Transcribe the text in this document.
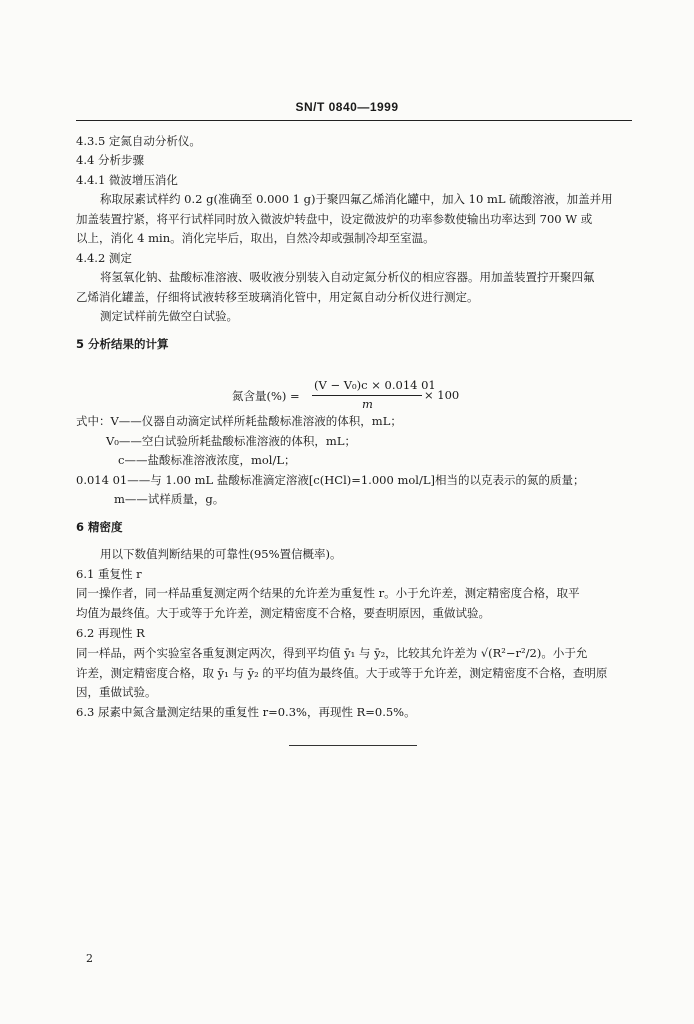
SN/T 0840—1999
4.3.5 定氮自动分析仪。
4.4 分析步骤
4.4.1 微波增压消化
称取尿素试样约 0.2 g(准确至 0.000 1 g)于聚四氟乙烯消化罐中，加入 10 mL 硫酸溶液，加盖并用
加盖装置拧紧，将平行试样同时放入微波炉转盘中，设定微波炉的功率参数使输出功率达到 700 W 或
以上，消化 4 min。消化完毕后，取出，自然冷却或强制冷却至室温。
4.4.2 测定
将氢氧化钠、盐酸标准溶液、吸收液分别装入自动定氮分析仪的相应容器。用加盖装置拧开聚四氟
乙烯消化罐盖，仔细将试液转移至玻璃消化管中，用定氮自动分析仪进行测定。
测定试样前先做空白试验。
5 分析结果的计算
氮含量(%) =
(V − V₀)c × 0.014 01
m
× 100
式中：V——仪器自动滴定试样所耗盐酸标准溶液的体积，mL；
V₀——空白试验所耗盐酸标准溶液的体积，mL；
c——盐酸标准溶液浓度，mol/L；
0.014 01——与 1.00 mL 盐酸标准滴定溶液[c(HCl)=1.000 mol/L]相当的以克表示的氮的质量；
m——试样质量，g。
6 精密度
用以下数值判断结果的可靠性(95%置信概率)。
6.1 重复性 r
同一操作者，同一样品重复测定两个结果的允许差为重复性 r。小于允许差，测定精密度合格，取平
均值为最终值。大于或等于允许差，测定精密度不合格，要查明原因，重做试验。
6.2 再现性 R
同一样品，两个实验室各重复测定两次，得到平均值 ȳ₁ 与 ȳ₂，比较其允许差为 √(R²−r²/2)。小于允
许差，测定精密度合格，取 ȳ₁ 与 ȳ₂ 的平均值为最终值。大于或等于允许差，测定精密度不合格，查明原
因，重做试验。
6.3 尿素中氮含量测定结果的重复性 r=0.3%，再现性 R=0.5%。
2
